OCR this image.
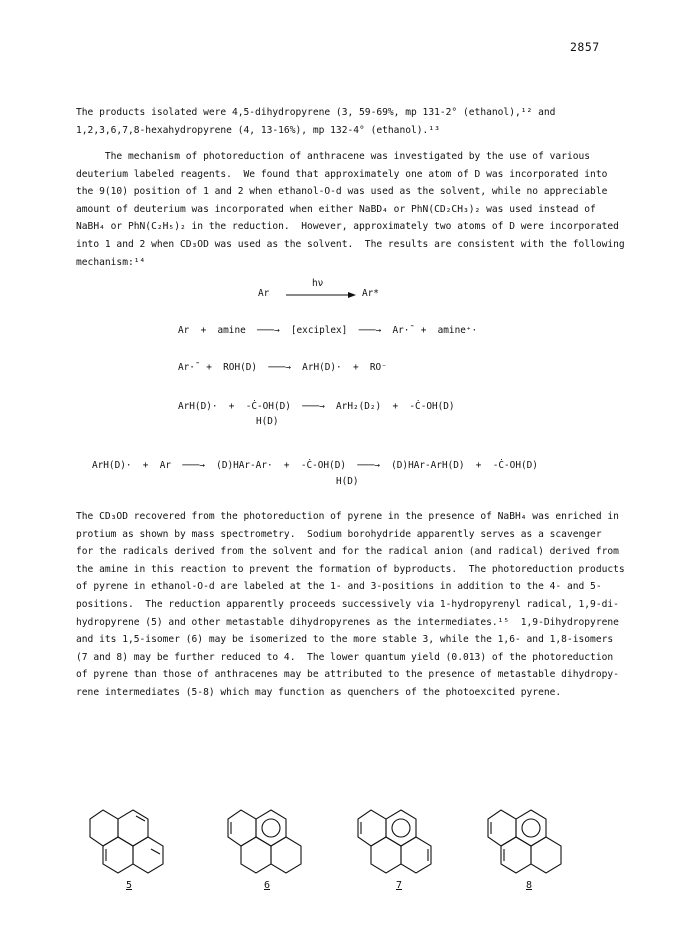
2857
The products isolated were 4,5-dihydropyrene (3, 59-69%, mp 131-2° (ethanol),¹² and
1,2,3,6,7,8-hexahydropyrene (4, 13-16%), mp 132-4° (ethanol).¹³
The mechanism of photoreduction of anthracene was investigated by the use of various
deuterium labeled reagents.  We found that approximately one atom of D was incorporated into
the 9(10) position of 1 and 2 when ethanol-O-d was used as the solvent, while no appreciable
amount of deuterium was incorporated when either NaBD₄ or PhN(CD₂CH₃)₂ was used instead of
NaBH₄ or PhN(C₂H₅)₂ in the reduction.  However, approximately two atoms of D were incorporated
into 1 and 2 when CD₃OD was used as the solvent.  The results are consistent with the following
mechanism:¹⁴
Ar
hν
Ar*
Ar  +  amine  ───→  [exciplex]  ───→  Ar·̄  +  amine⁺·
Ar·̄  +  ROH(D)  ───→  ArH(D)·  +  RO⁻
ArH(D)·  +  -Ċ-OH(D)  ───→  ArH₂(D₂)  +  -Ċ-OH(D)
H(D)
ArH(D)·  +  Ar  ───→  (D)HAr-Ar·  +  -Ċ-OH(D)  ───→  (D)HAr-ArH(D)  +  -Ċ-OH(D)
H(D)
The CD₃OD recovered from the photoreduction of pyrene in the presence of NaBH₄ was enriched in
protium as shown by mass spectrometry.  Sodium borohydride apparently serves as a scavenger
for the radicals derived from the solvent and for the radical anion (and radical) derived from
the amine in this reaction to prevent the formation of byproducts.  The photoreduction products
of pyrene in ethanol-O-d are labeled at the 1- and 3-positions in addition to the 4- and 5-
positions.  The reduction apparently proceeds successively via 1-hydropyrenyl radical, 1,9-di-
hydropyrene (5) and other metastable dihydropyrenes as the intermediates.¹⁵  1,9-Dihydropyrene
and its 1,5-isomer (6) may be isomerized to the more stable 3, while the 1,6- and 1,8-isomers
(7 and 8) may be further reduced to 4.  The lower quantum yield (0.013) of the photoreduction
of pyrene than those of anthracenes may be attributed to the presence of metastable dihydropy-
rene intermediates (5-8) which may function as quenchers of the photoexcited pyrene.
5	6	7	8
